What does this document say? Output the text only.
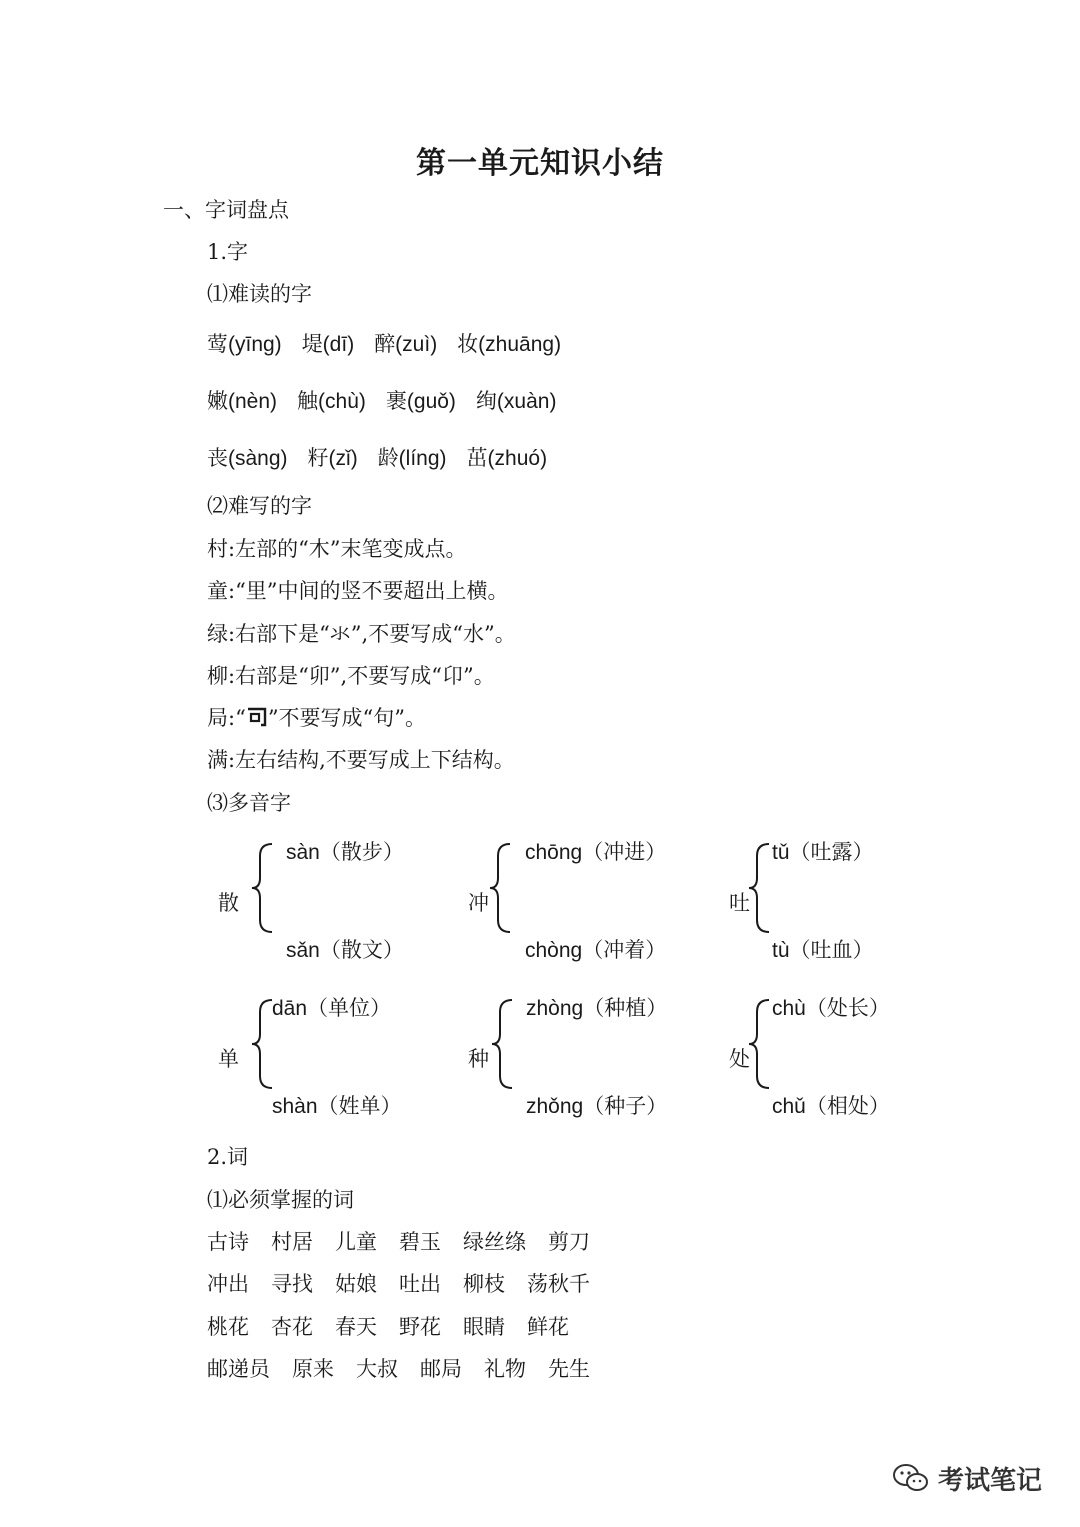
第一单元知识小结
一、字词盘点
1.字
⑴难读的字
莺(yīng) 堤(dī) 醉(zuì) 妆(zhuāng)
嫩(nèn) 触(chù) 裹(guǒ) 绚(xuàn)
丧(sàng) 籽(zǐ) 龄(líng) 茁(zhuó)
⑵难写的字
村:左部的“木”末笔变成点。
童:“里”中间的竖不要超出上横。
绿:右部下是“氺”,不要写成“水”。
柳:右部是“卯”,不要写成“卬”。
局:“ ”不要写成“句”。
满:左右结构,不要写成上下结构。
⑶多音字
散
sàn（散步）
sǎn（散文）
冲
chōng（冲进）
chòng（冲着）
吐
tǔ（吐露）
tù（吐血）
单
dān（单位）
shàn（姓单）
种
zhòng（种植）
zhǒng（种子）
处
chù（处长）
chǔ（相处）
2.词
⑴必须掌握的词
古诗 村居 儿童 碧玉 绿丝绦 剪刀
冲出 寻找 姑娘 吐出 柳枝 荡秋千
桃花 杏花 春天 野花 眼睛 鲜花
邮递员 原来 大叔 邮局 礼物 先生
考试笔记
